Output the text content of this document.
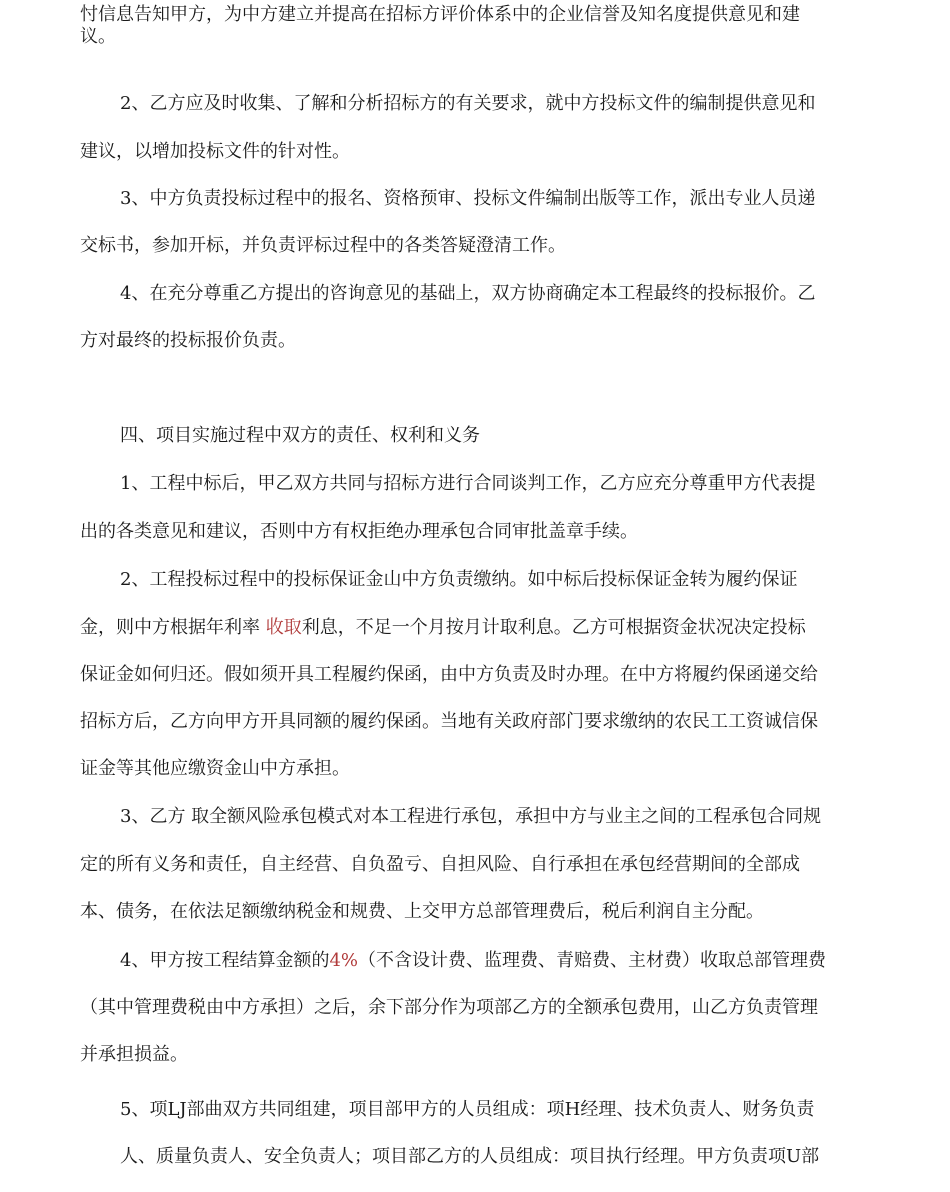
忖信息告知甲方，为中方建立并提高在招标方评价体系中的企业信誉及知名度提供意见和建
议。
2、乙方应及时收集、了解和分析招标方的有关要求，就中方投标文件的编制提供意见和
建议，以增加投标文件的针对性。
3、中方负责投标过程中的报名、资格预审、投标文件编制出版等工作，派出专业人员递
交标书，参加开标，并负责评标过程中的各类答疑澄清工作。
4、在充分尊重乙方提出的咨询意见的基础上，双方协商确定本工程最终的投标报价。乙
方对最终的投标报价负责。
四、项目实施过程中双方的责任、权利和义务
1、工程中标后，甲乙双方共同与招标方进行合同谈判工作，乙方应充分尊重甲方代表提
出的各类意见和建议，否则中方有权拒绝办理承包合同审批盖章手续。
2、工程投标过程中的投标保证金山中方负责缴纳。如中标后投标保证金转为履约保证
金，则中方根据年利率 收取利息，不足一个月按月计取利息。乙方可根据资金状况决定投标
保证金如何归还。假如须开具工程履约保函，由中方负责及时办理。在中方将履约保函递交给
招标方后，乙方向甲方开具同额的履约保函。当地有关政府部门要求缴纳的农民工工资诚信保
证金等其他应缴资金山中方承担。
3、乙方 取全额风险承包模式对本工程进行承包，承担中方与业主之间的工程承包合同规
定的所有义务和责任，自主经营、自负盈亏、自担风险、自行承担在承包经营期间的全部成
本、债务，在依法足额缴纳税金和规费、上交甲方总部管理费后，税后利润自主分配。
4、甲方按工程结算金额的4%（不含设计费、监理费、青赔费、主材费）收取总部管理费
（其中管理费税由中方承担）之后，余下部分作为项部乙方的全额承包费用，山乙方负责管理
并承担损益。
5、项LJ部曲双方共同组建，项目部甲方的人员组成：项H经理、技术负责人、财务负责
人、质量负责人、安全负责人；项目部乙方的人员组成：项目执行经理。甲方负责项U部
